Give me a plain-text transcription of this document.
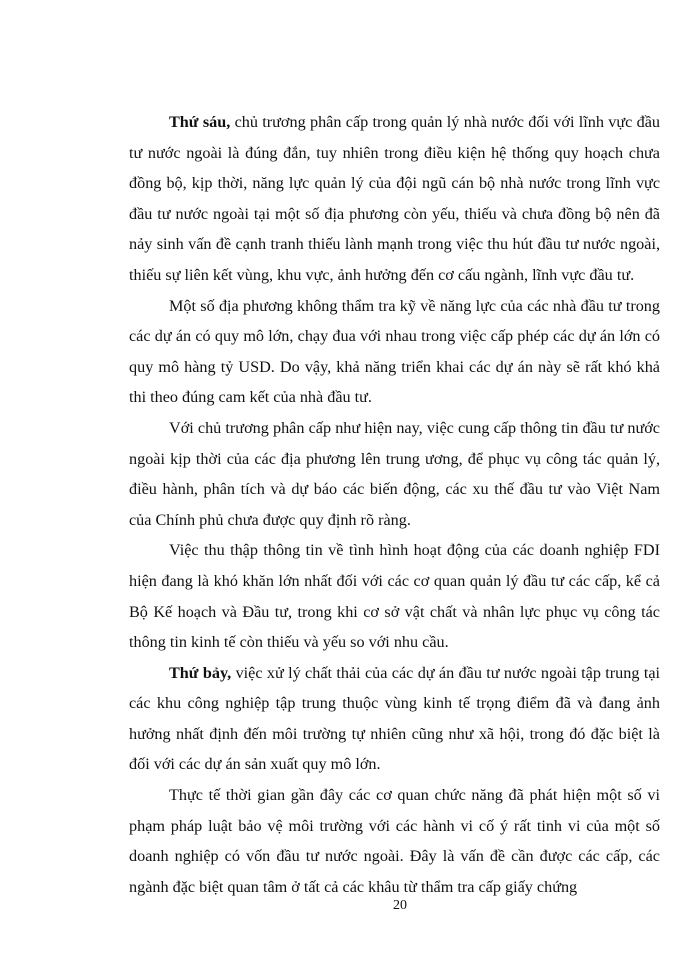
Thứ sáu, chủ trương phân cấp trong quản lý nhà nước đối với lĩnh vực đầu tư nước ngoài là đúng đắn, tuy nhiên trong điều kiện hệ thống quy hoạch chưa đồng bộ, kịp thời, năng lực quản lý của đội ngũ cán bộ nhà nước trong lĩnh vực đầu tư nước ngoài tại một số địa phương còn yếu, thiếu và chưa đồng bộ nên đã nảy sinh vấn đề cạnh tranh thiếu lành mạnh trong việc thu hút đầu tư nước ngoài, thiếu sự liên kết vùng, khu vực, ảnh hưởng đến cơ cấu ngành, lĩnh vực đầu tư.

Một số địa phương không thẩm tra kỹ về năng lực của các nhà đầu tư trong các dự án có quy mô lớn, chạy đua với nhau trong việc cấp phép các dự án lớn có quy mô hàng tỷ USD. Do vậy, khả năng triển khai các dự án này sẽ rất khó khả thi theo đúng cam kết của nhà đầu tư.

Với chủ trương phân cấp như hiện nay, việc cung cấp thông tin đầu tư nước ngoài kịp thời của các địa phương lên trung ương, để phục vụ công tác quản lý, điều hành, phân tích và dự báo các biến động, các xu thế đầu tư vào Việt Nam của Chính phủ chưa được quy định rõ ràng.

Việc thu thập thông tin về tình hình hoạt động của các doanh nghiệp FDI hiện đang là khó khăn lớn nhất đối với các cơ quan quản lý đầu tư các cấp, kể cả Bộ Kế hoạch và Đầu tư, trong khi cơ sở vật chất và nhân lực phục vụ công tác thông tin kinh tế còn thiếu và yếu so với nhu cầu.

Thứ bảy, việc xử lý chất thải của các dự án đầu tư nước ngoài tập trung tại các khu công nghiệp tập trung thuộc vùng kinh tế trọng điểm đã và đang ảnh hưởng nhất định đến môi trường tự nhiên cũng như xã hội, trong đó đặc biệt là đối với các dự án sản xuất quy mô lớn.

Thực tế thời gian gần đây các cơ quan chức năng đã phát hiện một số vi phạm pháp luật bảo vệ môi trường với các hành vi cố ý rất tinh vi của một số doanh nghiệp có vốn đầu tư nước ngoài. Đây là vấn đề cần được các cấp, các ngành đặc biệt quan tâm ở tất cả các khâu từ thẩm tra cấp giấy chứng

20
